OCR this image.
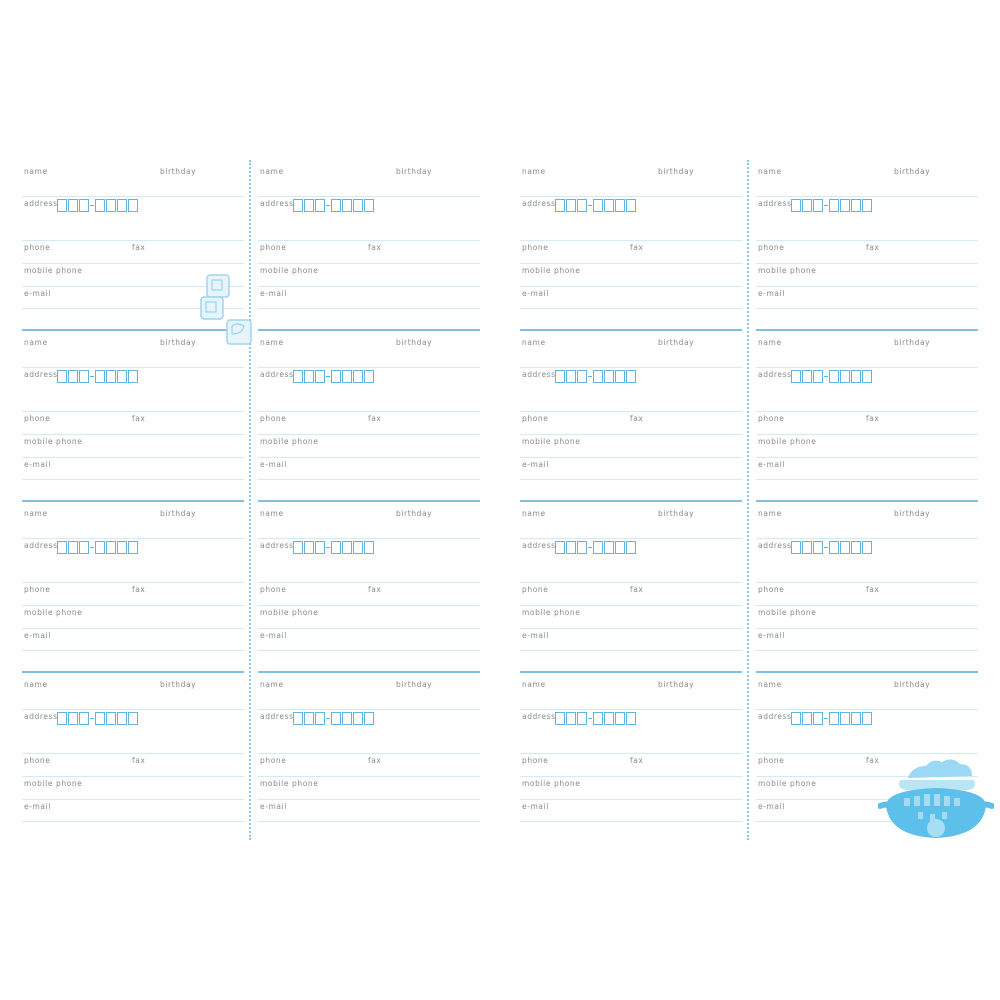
name	birthday
address
phone	fax
mobile phone
e-mail
name	birthday
address
phone	fax
mobile phone
e-mail
name	birthday
address
phone	fax
mobile phone
e-mail
name	birthday
address
phone	fax
mobile phone
e-mail
name	birthday
address
phone	fax
mobile phone
e-mail
name	birthday
address
phone	fax
mobile phone
e-mail
name	birthday
address
phone	fax
mobile phone
e-mail
name	birthday
address
phone	fax
mobile phone
e-mail
name	birthday
address
phone	fax
mobile phone
e-mail
name	birthday
address
phone	fax
mobile phone
e-mail
name	birthday
address
phone	fax
mobile phone
e-mail
name	birthday
address
phone	fax
mobile phone
e-mail
name	birthday
address
phone	fax
mobile phone
e-mail
name	birthday
address
phone	fax
mobile phone
e-mail
name	birthday
address
phone	fax
mobile phone
e-mail
name	birthday
address
phone	fax
mobile phone
e-mail
